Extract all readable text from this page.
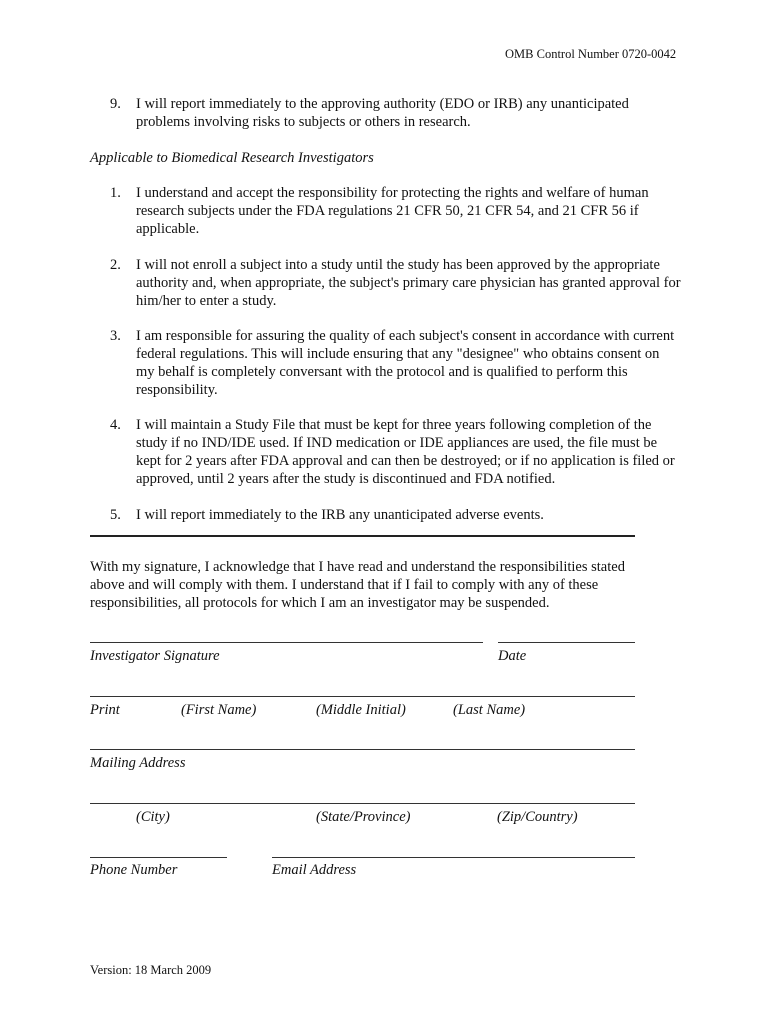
OMB Control Number 0720-0042
9. I will report immediately to the approving authority (EDO or IRB) any unanticipated problems involving risks to subjects or others in research.
Applicable to Biomedical Research Investigators
1. I understand and accept the responsibility for protecting the rights and welfare of human research subjects under the FDA regulations 21 CFR 50, 21 CFR 54, and 21 CFR 56 if applicable.
2. I will not enroll a subject into a study until the study has been approved by the appropriate authority and, when appropriate, the subject's primary care physician has granted approval for him/her to enter a study.
3. I am responsible for assuring the quality of each subject's consent in accordance with current federal regulations. This will include ensuring that any "designee" who obtains consent on my behalf is completely conversant with the protocol and is qualified to perform this responsibility.
4. I will maintain a Study File that must be kept for three years following completion of the study if no IND/IDE used. If IND medication or IDE appliances are used, the file must be kept for 2 years after FDA approval and can then be destroyed; or if no application is filed or approved, until 2 years after the study is discontinued and FDA notified.
5. I will report immediately to the IRB any unanticipated adverse events.
With my signature, I acknowledge that I have read and understand the responsibilities stated above and will comply with them. I understand that if I fail to comply with any of these responsibilities, all protocols for which I am an investigator may be suspended.
Investigator Signature	Date
Print	(First Name)	(Middle Initial)	(Last Name)
Mailing Address
(City)	(State/Province)	(Zip/Country)
Phone Number	Email Address
Version: 18 March 2009
